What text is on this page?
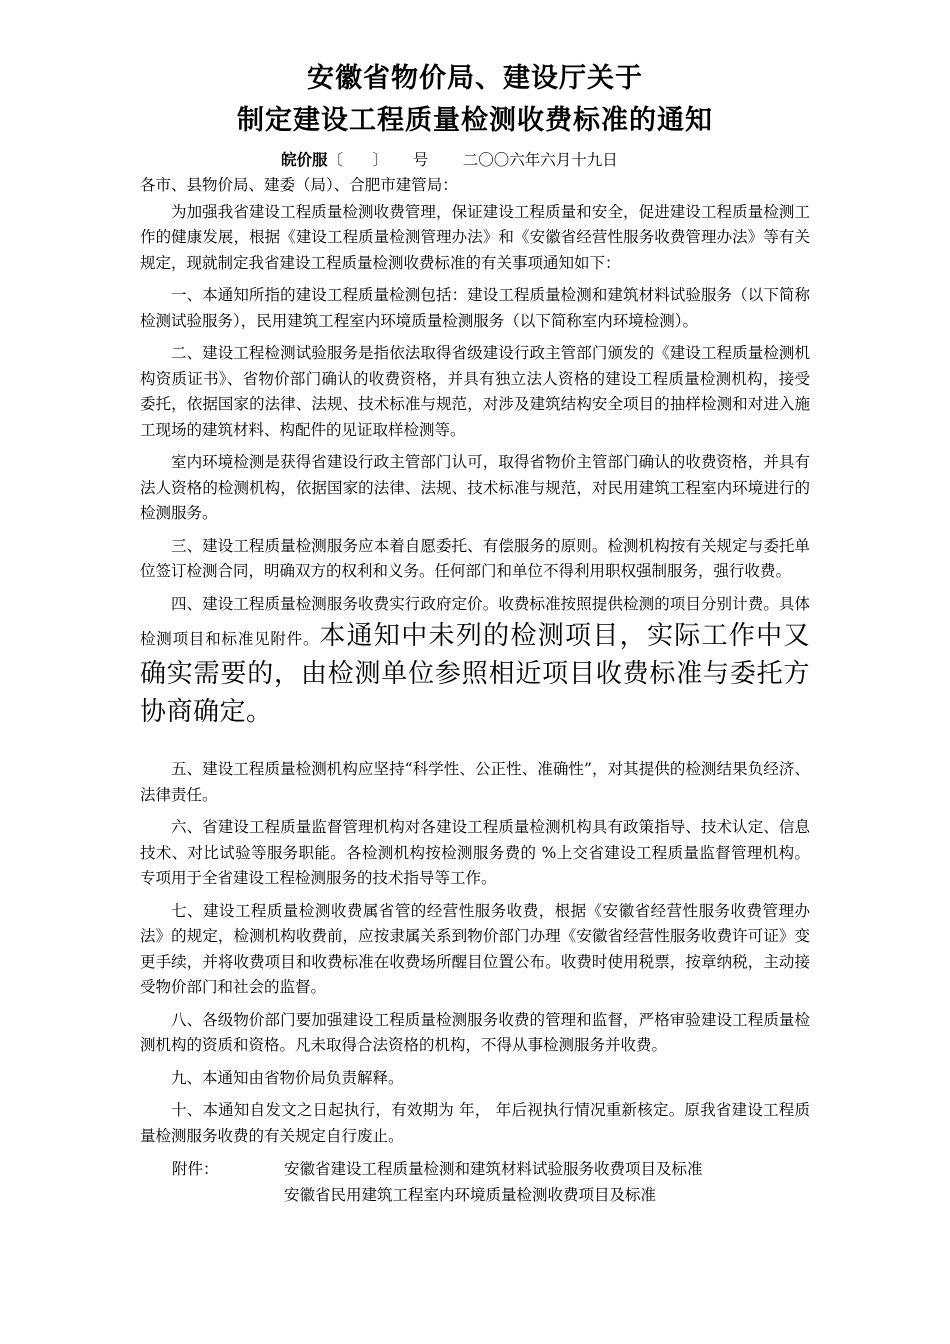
安徽省物价局、建设厅关于
制定建设工程质量检测收费标准的通知
皖价服〔      〕 号 二〇〇六年六月十九日

各市、县物价局、建委（局）、合肥市建管局：

为加强我省建设工程质量检测收费管理，保证建设工程质量和安全，促进建设工程质量检测工作的健康发展，根据《建设工程质量检测管理办法》和《安徽省经营性服务收费管理办法》等有关规定，现就制定我省建设工程质量检测收费标准的有关事项通知如下：

一、本通知所指的建设工程质量检测包括：建设工程质量检测和建筑材料试验服务（以下简称检测试验服务），民用建筑工程室内环境质量检测服务（以下简称室内环境检测）。

二、建设工程检测试验服务是指依法取得省级建设行政主管部门颁发的《建设工程质量检测机构资质证书》、省物价部门确认的收费资格，并具有独立法人资格的建设工程质量检测机构，接受委托，依据国家的法律、法规、技术标准与规范，对涉及建筑结构安全项目的抽样检测和对进入施工现场的建筑材料、构配件的见证取样检测等。

室内环境检测是获得省建设行政主管部门认可，取得省物价主管部门确认的收费资格，并具有法人资格的检测机构，依据国家的法律、法规、技术标准与规范，对民用建筑工程室内环境进行的检测服务。

三、建设工程质量检测服务应本着自愿委托、有偿服务的原则。检测机构按有关规定与委托单位签订检测合同，明确双方的权利和义务。任何部门和单位不得利用职权强制服务，强行收费。

四、建设工程质量检测服务收费实行政府定价。收费标准按照提供检测的项目分别计费。具体检测项目和标准见附件。本通知中未列的检测项目，实际工作中又确实需要的，由检测单位参照相近项目收费标准与委托方协商确定。

五、建设工程质量检测机构应坚持“科学性、公正性、准确性”，对其提供的检测结果负经济、法律责任。

六、省建设工程质量监督管理机构对各建设工程质量检测机构具有政策指导、技术认定、信息技术、对比试验等服务职能。各检测机构按检测服务费的 %上交省建设工程质量监督管理机构。专项用于全省建设工程检测服务的技术指导等工作。

七、建设工程质量检测收费属省管的经营性服务收费，根据《安徽省经营性服务收费管理办法》的规定，检测机构收费前，应按隶属关系到物价部门办理《安徽省经营性服务收费许可证》变更手续，并将收费项目和收费标准在收费场所醒目位置公布。收费时使用税票，按章纳税，主动接受物价部门和社会的监督。

八、各级物价部门要加强建设工程质量检测服务收费的管理和监督，严格审验建设工程质量检测机构的资质和资格。凡未取得合法资格的机构，不得从事检测服务并收费。

九、本通知由省物价局负责解释。

十、本通知自发文之日起执行，有效期为 年， 年后视执行情况重新核定。原我省建设工程质量检测服务收费的有关规定自行废止。

附件：	安徽省建设工程质量检测和建筑材料试验服务收费项目及标准
安徽省民用建筑工程室内环境质量检测收费项目及标准
